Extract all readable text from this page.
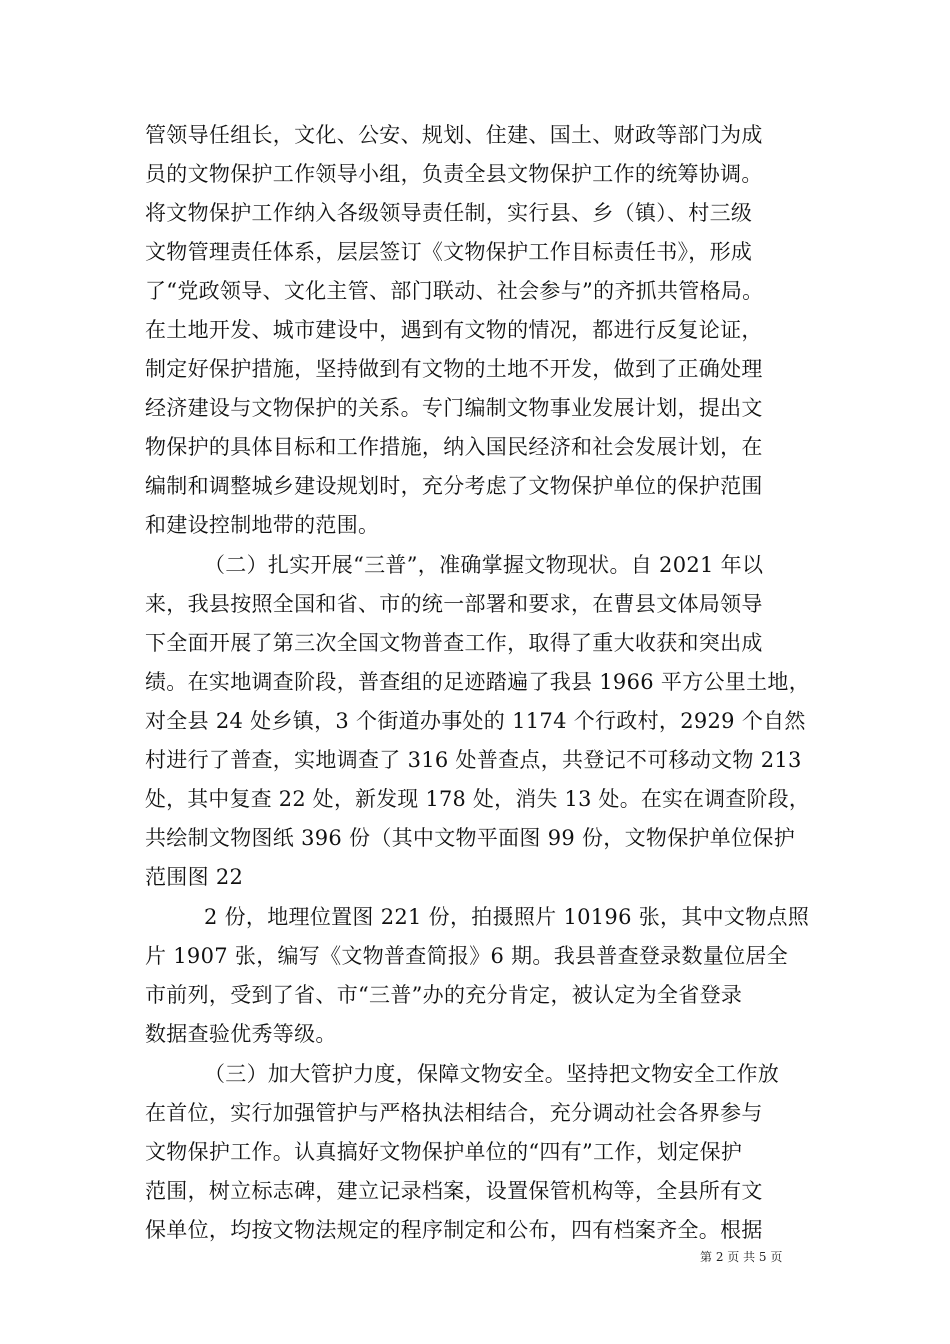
管领导任组长，文化、公安、规划、住建、国土、财政等部门为成
员的文物保护工作领导小组，负责全县文物保护工作的统筹协调。
将文物保护工作纳入各级领导责任制，实行县、乡（镇）、村三级
文物管理责任体系，层层签订《文物保护工作目标责任书》，形成
了“党政领导、文化主管、部门联动、社会参与”的齐抓共管格局。
在土地开发、城市建设中，遇到有文物的情况，都进行反复论证，
制定好保护措施，坚持做到有文物的土地不开发，做到了正确处理
经济建设与文物保护的关系。专门编制文物事业发展计划，提出文
物保护的具体目标和工作措施，纳入国民经济和社会发展计划，在
编制和调整城乡建设规划时，充分考虑了文物保护单位的保护范围
和建设控制地带的范围。
（二）扎实开展“三普”，准确掌握文物现状。自 2021 年以
来，我县按照全国和省、市的统一部署和要求，在曹县文体局领导
下全面开展了第三次全国文物普查工作，取得了重大收获和突出成
绩。在实地调查阶段，普查组的足迹踏遍了我县 1966 平方公里土地，
对全县 24 处乡镇，3 个街道办事处的 1174 个行政村，2929 个自然
村进行了普查，实地调查了 316 处普查点，共登记不可移动文物 213
处，其中复查 22 处，新发现 178 处，消失 13 处。在实在调查阶段，
共绘制文物图纸 396 份（其中文物平面图 99 份，文物保护单位保护
范围图 22
2 份，地理位置图 221 份，拍摄照片 10196 张，其中文物点照
片 1907 张，编写《文物普查简报》6 期。我县普查登录数量位居全
市前列，受到了省、市“三普”办的充分肯定，被认定为全省登录
数据查验优秀等级。
（三）加大管护力度，保障文物安全。坚持把文物安全工作放
在首位，实行加强管护与严格执法相结合，充分调动社会各界参与
文物保护工作。认真搞好文物保护单位的“四有”工作，划定保护
范围，树立标志碑，建立记录档案，设置保管机构等，全县所有文
保单位，均按文物法规定的程序制定和公布，四有档案齐全。根据
第 2 页 共 5 页
